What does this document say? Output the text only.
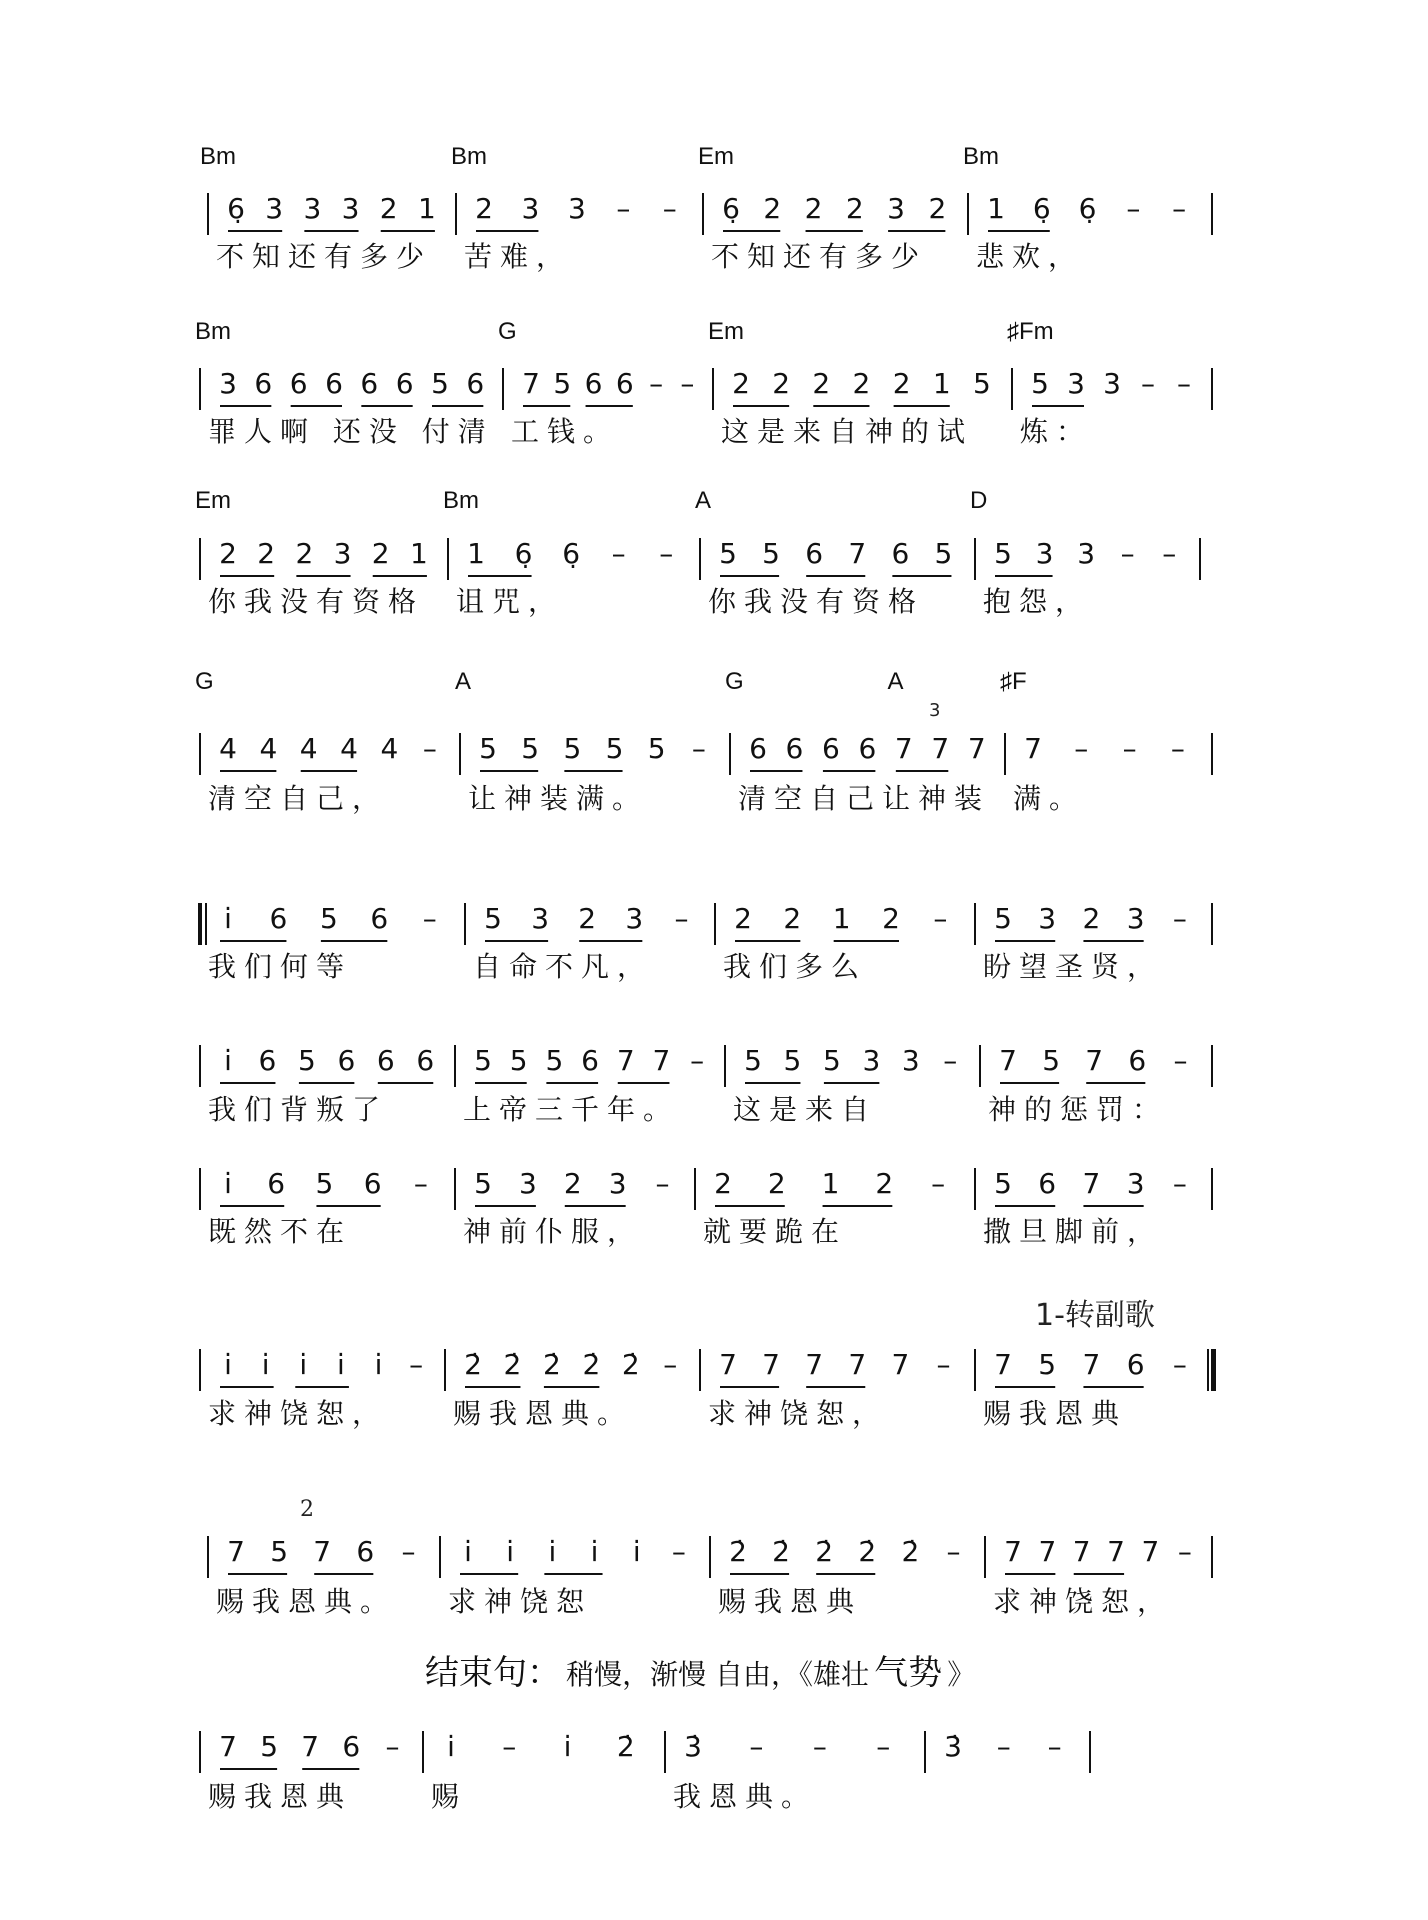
Bm	Bm	Em	Bm
6̣ 3 3 3 2 1 2 3 3 – – 6̣ 2 2 2 3 2 1 6̣ 6̣ – –
不知还有多少 苦难，	不知还有多少 悲欢，
Bm	G	Em	♯Fm
3 6 6 6 6 6 5 6 7 5 6 6 – – 2 2 2 2 2 1 5 5 3 3 – –
罪人啊 还没 付清 工钱。	这是来自神的试 炼：
Em	Bm	A	D
2 2 2 3 2 1 1 6̣ 6̣ – – 5 5 6 7 6 5 5 3 3 – –
你我没有资格 诅咒，	你我没有资格 抱怨，
G	A	G	A	♯F
4 4 4 4 4 – 5 5 5 5 5 – 6 6 6 6 7 7 7 7 – – –
清空自己，	让神装满。	清空自己让神装 满。
i̇ 6 5 6 – 5 3 2 3 – 2 2 1 2 – 5 3 2 3 –
我们何等	自命不凡， 我们多么	盼望圣贤，
i̇ 6 5 6 6 6 5 5 5 6 7 7 – 5 5 5 3 3 – 7 5 7 6 –
我们背叛了	上帝三千年。 这是来自	神的惩罚：
i̇ 6 5 6 – 5 3 2 3 – 2 2 1 2 – 5 6 7 3 –
既然不在	神前仆服， 就要跪在	撒旦脚前，
i̇ i̇ i̇ i̇ i̇ – 2̇ 2̇ 2̇ 2̇ 2̇ – 7 7 7 7 7 – 7 5 7 6 –
求神饶恕， 赐我恩典。	求神饶恕，	赐我恩典
7 5 7 6 – i̇ i̇ i̇ i̇ i̇ – 2̇ 2̇ 2̇ 2̇ 2̇ – 7 7 7 7 7 –
赐我恩典。 求神饶恕	赐我恩典	求神饶恕，
7 5 7 6 – i̇ – i̇ 2̇ 3̇ – – – 3̇ – –
赐我恩典	赐	我恩典。
1-转副歌
2
结束句： 稍慢，渐慢 自由，《雄壮 气势 》
3
